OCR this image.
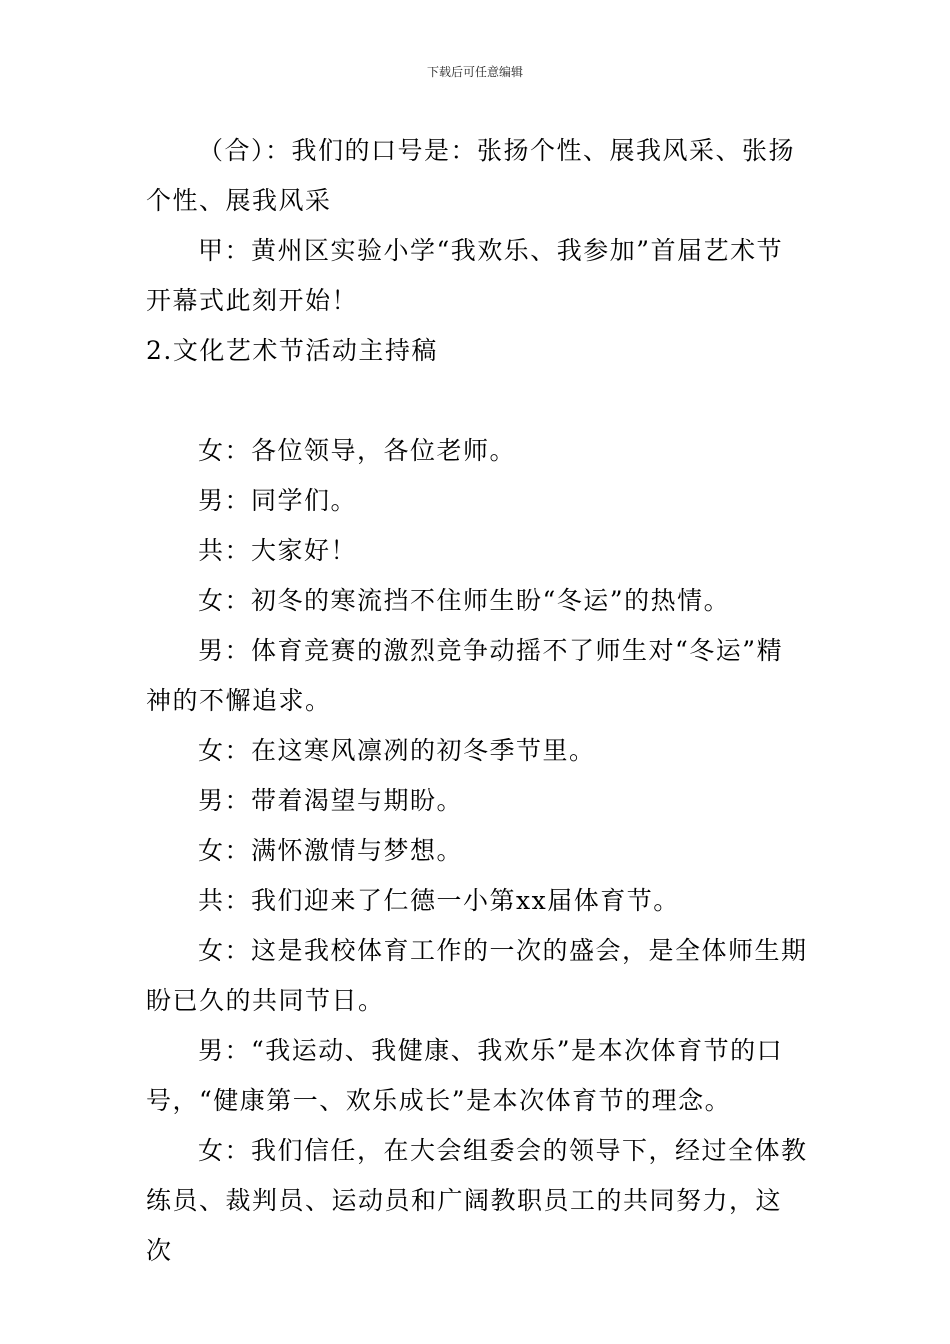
下载后可任意编辑

（合）：我们的口号是：张扬个性、展我风采、张扬个性、展我风采

甲：黄州区实验小学“我欢乐、我参加”首届艺术节开幕式此刻开始！

2.文化艺术节活动主持稿

女：各位领导，各位老师。

男：同学们。

共：大家好！

女：初冬的寒流挡不住师生盼“冬运”的热情。

男：体育竞赛的激烈竞争动摇不了师生对“冬运”精神的不懈追求。

女：在这寒风凛冽的初冬季节里。

男：带着渴望与期盼。

女：满怀激情与梦想。

共：我们迎来了仁德一小第xx届体育节。

女：这是我校体育工作的一次的盛会，是全体师生期盼已久的共同节日。

男：“我运动、我健康、我欢乐”是本次体育节的口号，“健康第一、欢乐成长”是本次体育节的理念。

女：我们信任，在大会组委会的领导下，经过全体教练员、裁判员、运动员和广阔教职员工的共同努力，这次
